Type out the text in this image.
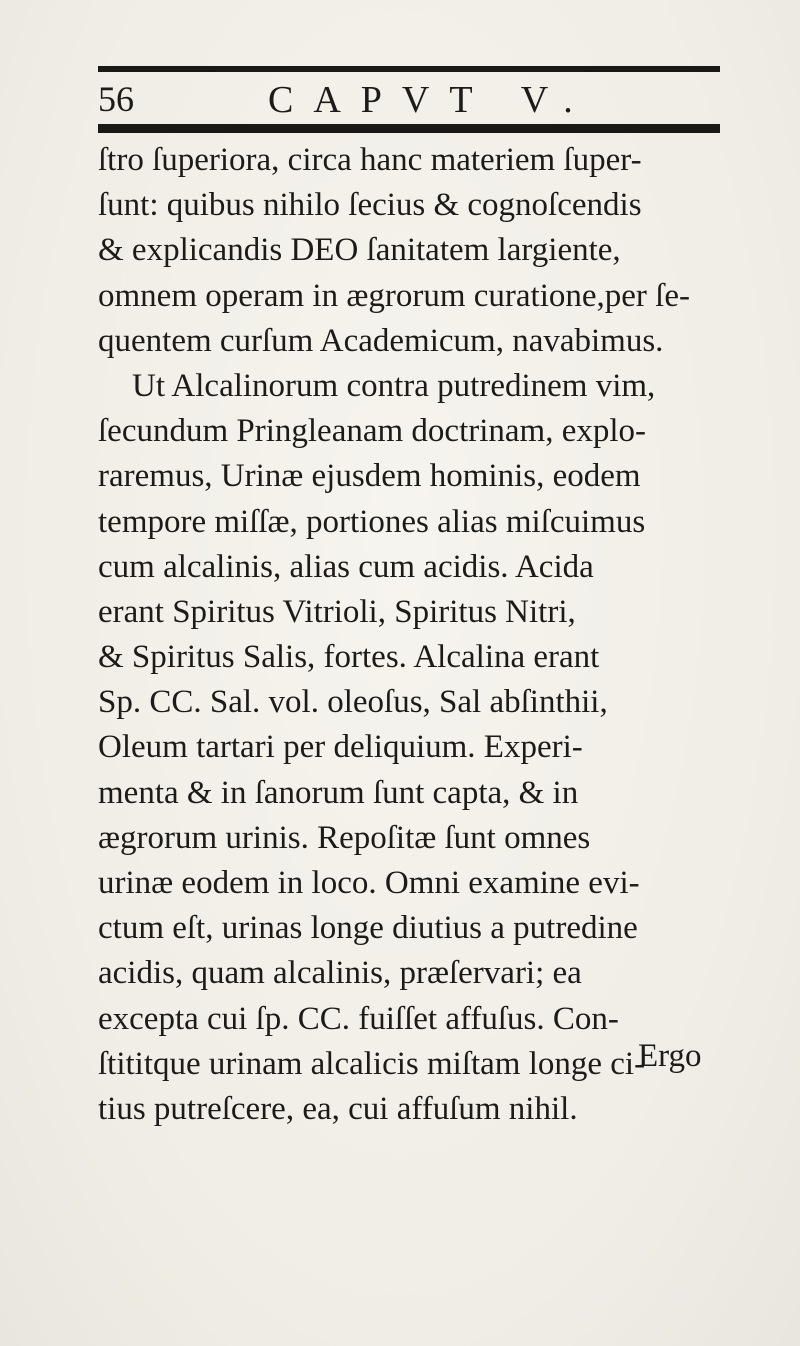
56	CAPVT V.
ſtro ſuperiora, circa hanc materiem ſuper-
ſunt: quibus nihilo ſecius & cognoſcendis
& explicandis DEO ſanitatem largiente,
omnem operam in ægrorum curatione,per ſe-
quentem curſum Academicum, navabimus.
Ut Alcalinorum contra putredinem vim,
ſecundum Pringleanam doctrinam, explo-
raremus, Urinæ ejusdem hominis, eodem
tempore miſſæ, portiones alias miſcuimus
cum alcalinis, alias cum acidis. Acida
erant Spiritus Vitrioli, Spiritus Nitri,
& Spiritus Salis, fortes. Alcalina erant
Sp. CC. Sal. vol. oleoſus, Sal abſinthii,
Oleum tartari per deliquium. Experi-
menta & in ſanorum ſunt capta, & in
ægrorum urinis. Repoſitæ ſunt omnes
urinæ eodem in loco. Omni examine evi-
ctum eſt, urinas longe diutius a putredine
acidis, quam alcalinis, præſervari; ea
excepta cui ſp. CC. fuiſſet affuſus. Con-
ſtititque urinam alcalicis miſtam longe ci-
tius putreſcere, ea, cui affuſum nihil.
Ergo
